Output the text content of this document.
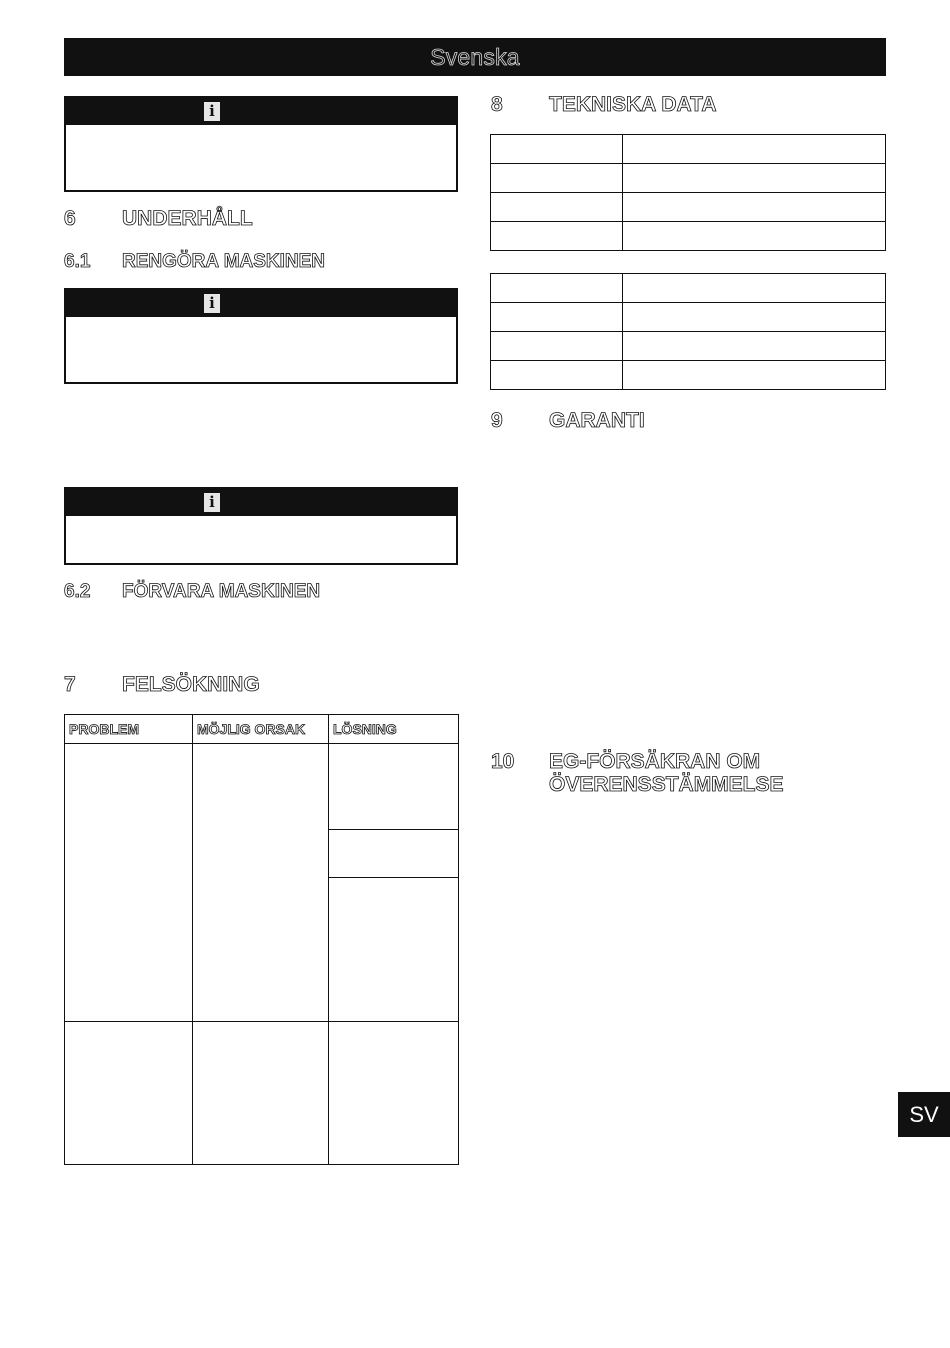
Svenska
i
6 UNDERHÅLL
6.1 RENGÖRA MASKINEN
i
i
6.2 FÖRVARA MASKINEN
7 FELSÖKNING
PROBLEM	MÖJLIG ORSAK	LÖSNING

8 TEKNISKA DATA

9 GARANTI
10 EG-FÖRSÄKRAN OM
ÖVERENSSTÄMMELSE
SV
